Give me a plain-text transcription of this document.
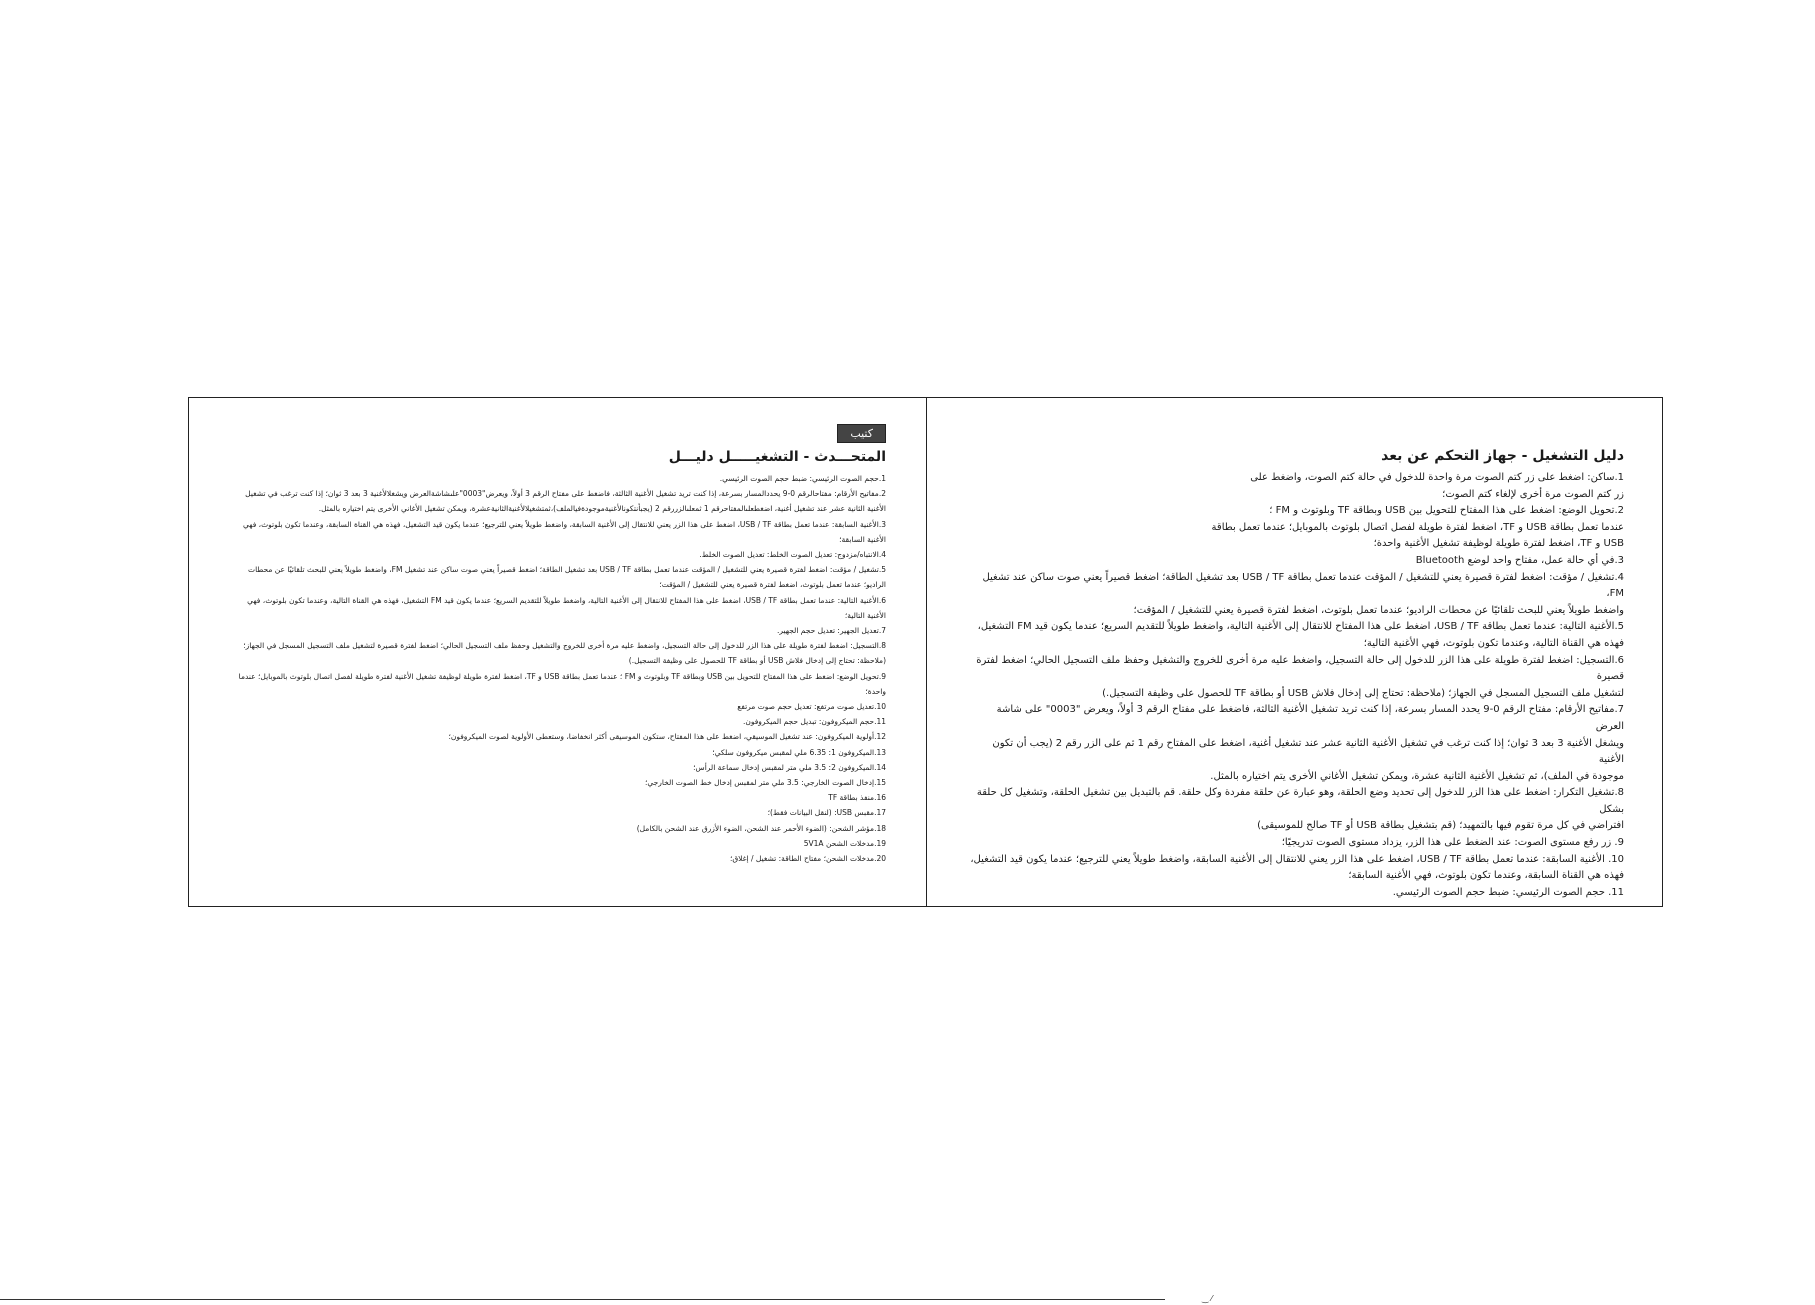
كتيب
المتحـــدث - التشغيـــــل دليـــل
1.حجم الصوت الرئيسي: ضبط حجم الصوت الرئيسي.
2.مفاتيح الأرقام: مفتاحالرقم 0-9 يحددالمسار بسرعة، إذا كنت تريد تشغيل الأغنية الثالثة، فاضغط على مفتاح الرقم 3 أولاً، ويعرض"0003"علىشاشةالعرض ويشغلالأغنية 3 بعد 3 ثوان؛ إذا كنت ترغب في تشغيل الأغنية الثانية عشر عند تشغيل أغنية، اضغطعلىالمفتاحرقم 1 ثمعلىالزررقم 2 (يجبأنتكونالأغنيةموجودةفيالملف)،ثمتشغيلالأغنيةالثانيةعشرة، ويمكن تشغيل الأغاني الأخرى يتم اختياره بالمثل.
3.الأغنية السابقة: عندما تعمل بطاقة USB / TF، اضغط على هذا الزر يعني للانتقال إلى الأغنية السابقة، واضغط طويلاً يعني للترجيع؛ عندما يكون قيد التشغيل، فهذه هي القناة السابقة، وعندما تكون بلوتوث، فهي الأغنية السابقة؛
4.الانتباه/مزدوج: تعديل الصوت الخلط: تعديل الصوت الخلط.
5.تشغيل / مؤقت: اضغط لفترة قصيرة يعني للتشغيل / المؤقت عندما تعمل بطاقة USB / TF بعد تشغيل الطاقة؛ اضغط قصيراً يعني صوت ساكن عند تشغيل FM، واضغط طويلاً يعني للبحث تلقائيًا عن محطات الراديو؛ عندما تعمل بلوتوث، اضغط لفترة قصيرة يعني للتشغيل / المؤقت؛
6.الأغنية التالية: عندما تعمل بطاقة USB / TF، اضغط على هذا المفتاح للانتقال إلى الأغنية التالية، واضغط طويلاً للتقديم السريع؛ عندما يكون قيد FM التشغيل، فهذه هي القناة التالية، وعندما تكون بلوتوث، فهي الأغنية التالية؛
7.تعديل الجهير: تعديل حجم الجهير.
8.التسجيل: اضغط لفترة طويلة على هذا الزر للدخول إلى حالة التسجيل، واضغط عليه مرة أخرى للخروج والتشغيل وحفظ ملف التسجيل الحالي؛ اضغط لفترة قصيرة لتشغيل ملف التسجيل المسجل في الجهاز؛ (ملاحظة: تحتاج إلى إدخال فلاش USB أو بطاقة TF للحصول على وظيفة التسجيل.)
9.تحويل الوضع: اضغط على هذا المفتاح للتحويل بين USB وبطاقة TF وبلوتوث و FM ؛ عندما تعمل بطاقة USB و TF، اضغط لفترة طويلة لوظيفة تشغيل الأغنية لفترة طويلة لفصل اتصال بلوتوث بالموبايل؛ عندما واحدة؛
10.تعديل صوت مرتفع: تعديل حجم صوت مرتفع
11.حجم الميكروفون: تبديل حجم الميكروفون.
12.أولوية الميكروفون: عند تشغيل الموسيقي، اضغط على هذا المفتاح، ستكون الموسيقى أكثر انخفاضا، وستعطى الأولوية لصوت الميكروفون؛
13.الميكروفون 1: 6.35 ملي لمقبس ميكروفون سلكي؛
14.الميكروفون 2: 3.5 ملي متر لمقبس إدخال سماعة الرأس؛
15.إدخال الصوت الخارجي: 3.5 ملي متر لمقبس إدخال خط الصوت الخارجي؛
16.منفذ بطاقة TF
17.مقبس USB: (لنقل البيانات فقط)؛
18.مؤشر الشحن: (الضوء الأحمر عند الشحن، الضوء الأزرق عند الشحن بالكامل)
19.مدخلات الشحن 5V1A
20.مدخلات الشحن؛ مفتاح الطاقة: تشغيل / إغلاق؛
دليل التشغيل - جهاز التحكم عن بعد
1.ساكن: اضغط على زر كتم الصوت مرة واحدة للدخول في حالة كتم الصوت، واضغط على
زر كتم الصوت مرة أخرى لإلغاء كتم الصوت؛
2.تحويل الوضع: اضغط على هذا المفتاح للتحويل بين USB وبطاقة TF وبلوتوث و FM ؛
عندما تعمل بطاقة USB و TF، اضغط لفترة طويلة لفصل اتصال بلوتوث بالموبايل؛ عندما تعمل بطاقة
USB و TF، اضغط لفترة طويلة لوظيفة تشغيل الأغنية واحدة؛
3.في أي حالة عمل، مفتاح واحد لوضع Bluetooth
4.تشغيل / مؤقت: اضغط لفترة قصيرة يعني للتشغيل / المؤقت عندما تعمل بطاقة USB / TF بعد تشغيل الطاقة؛ اضغط قصيراً يعني صوت ساكن عند تشغيل FM،
واضغط طويلاً يعني للبحث تلقائيًا عن محطات الراديو؛ عندما تعمل بلوتوث، اضغط لفترة قصيرة يعني للتشغيل / المؤقت؛
5.الأغنية التالية: عندما تعمل بطاقة USB / TF، اضغط على هذا المفتاح للانتقال إلى الأغنية التالية، واضغط طويلاً للتقديم السريع؛ عندما يكون قيد FM التشغيل،
فهذه هي القناة التالية، وعندما تكون بلوتوث، فهي الأغنية التالية؛
6.التسجيل: اضغط لفترة طويلة على هذا الزر للدخول إلى حالة التسجيل، واضغط عليه مرة أخرى للخروج والتشغيل وحفظ ملف التسجيل الحالي؛ اضغط لفترة قصيرة
لتشغيل ملف التسجيل المسجل في الجهاز؛ (ملاحظة: تحتاج إلى إدخال فلاش USB أو بطاقة TF للحصول على وظيفة التسجيل.)
7.مفاتيح الأرقام: مفتاح الرقم 0-9 يحدد المسار بسرعة، إذا كنت تريد تشغيل الأغنية الثالثة، فاضغط على مفتاح الرقم 3 أولاً، ويعرض "0003" على شاشة العرض
ويشغل الأغنية 3 بعد 3 ثوان؛ إذا كنت ترغب في تشغيل الأغنية الثانية عشر عند تشغيل أغنية، اضغط على المفتاح رقم 1 ثم على الزر رقم 2 (يجب أن تكون الأغنية
موجودة في الملف)، ثم تشغيل الأغنية الثانية عشرة، ويمكن تشغيل الأغاني الأخرى يتم اختياره بالمثل.
8.تشغيل التكرار: اضغط على هذا الزر للدخول إلى تحديد وضع الحلقة، وهو عبارة عن حلقة مفردة وكل حلقة. قم بالتبديل بين تشغيل الحلقة، وتشغيل كل حلقة بشكل
افتراضي في كل مرة تقوم فيها بالتمهيد؛ (قم بتشغيل بطاقة USB أو TF صالح للموسيقى)
9. زر رفع مستوى الصوت: عند الضغط على هذا الزر، يزداد مستوى الصوت تدريجيًا؛
10. الأغنية السابقة: عندما تعمل بطاقة USB / TF، اضغط على هذا الزر يعني للانتقال إلى الأغنية السابقة، واضغط طويلاً يعني للترجيع؛ عندما يكون قيد التشغيل،
فهذه هي القناة السابقة، وعندما تكون بلوتوث، فهي الأغنية السابقة؛
11. حجم الصوت الرئيسي: ضبط حجم الصوت الرئيسي.
‿ ⁄
